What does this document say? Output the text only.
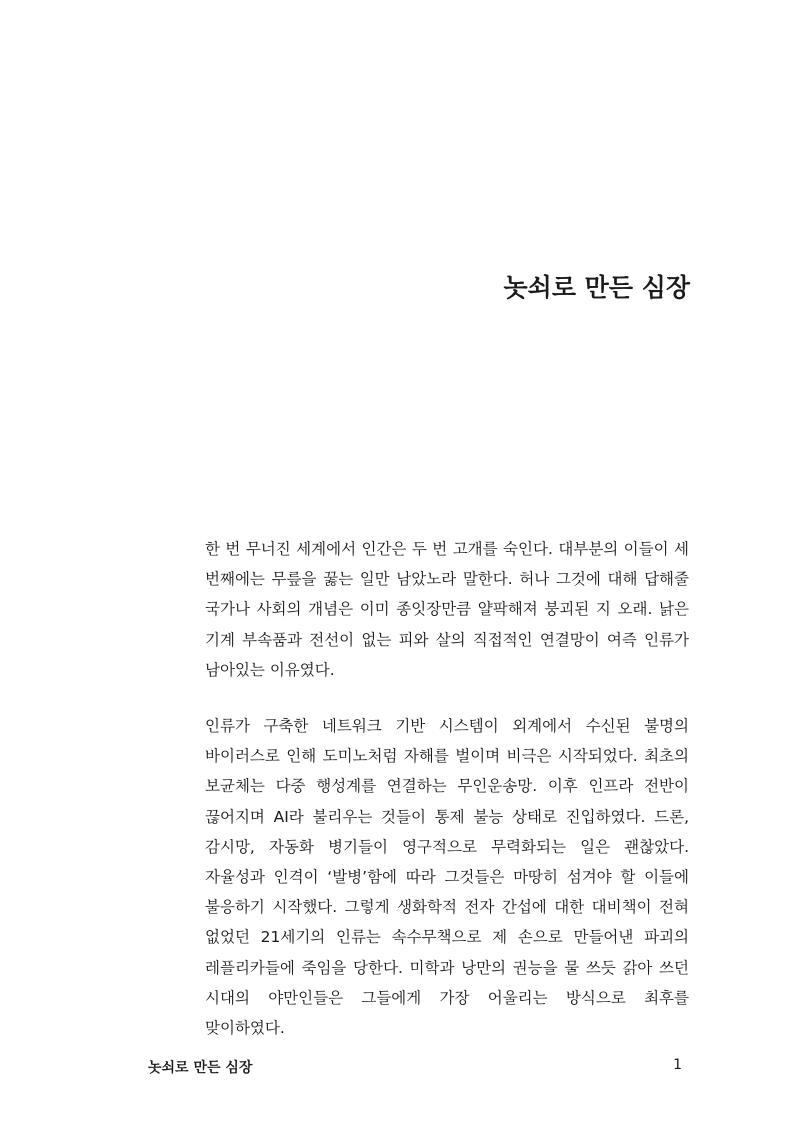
놋쇠로 만든 심장

한 번 무너진 세계에서 인간은 두 번 고개를 숙인다. 대부분의 이들이 세 번째에는 무릎을 꿇는 일만 남았노라 말한다. 허나 그것에 대해 답해줄 국가나 사회의 개념은 이미 종잇장만큼 얄팍해져 붕괴된 지 오래. 낡은 기계 부속품과 전선이 없는 피와 살의 직접적인 연결망이 여즉 인류가 남아있는 이유였다.

인류가 구축한 네트워크 기반 시스템이 외계에서 수신된 불명의 바이러스로 인해 도미노처럼 자해를 벌이며 비극은 시작되었다. 최초의 보균체는 다중 행성계를 연결하는 무인운송망. 이후 인프라 전반이 끊어지며 AI라 불리우는 것들이 통제 불능 상태로 진입하였다. 드론, 감시망, 자동화 병기들이 영구적으로 무력화되는 일은 괜찮았다. 자율성과 인격이 ‘발병’함에 따라 그것들은 마땅히 섬겨야 할 이들에 불응하기 시작했다. 그렇게 생화학적 전자 간섭에 대한 대비책이 전혀 없었던 21세기의 인류는 속수무책으로 제 손으로 만들어낸 파괴의 레플리카들에 죽임을 당한다. 미학과 낭만의 권능을 물 쓰듯 갉아 쓰던 시대의 야만인들은 그들에게 가장 어울리는 방식으로 최후를 맞이하였다.

놋쇠로 만든 심장	1
